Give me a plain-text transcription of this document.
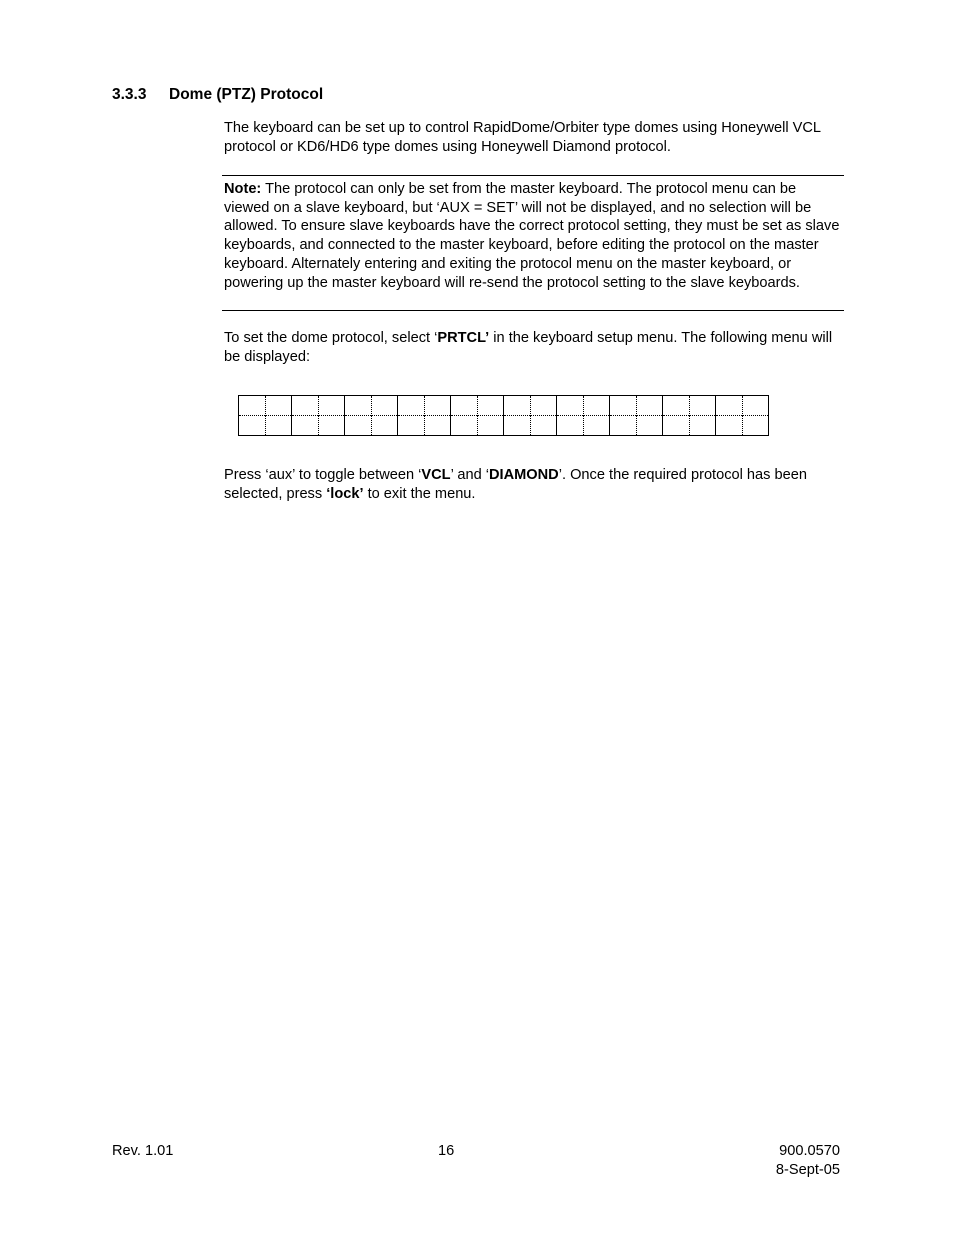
3.3.3 Dome (PTZ) Protocol
The keyboard can be set up to control RapidDome/Orbiter type domes using Honeywell VCL protocol or KD6/HD6 type domes using Honeywell Diamond protocol.
Note: The protocol can only be set from the master keyboard. The protocol menu can be viewed on a slave keyboard, but ‘AUX = SET’ will not be displayed, and no selection will be allowed. To ensure slave keyboards have the correct protocol setting, they must be set as slave keyboards, and connected to the master keyboard, before editing the protocol on the master keyboard. Alternately entering and exiting the protocol menu on the master keyboard, or powering up the master keyboard will re-send the protocol setting to the slave keyboards.
To set the dome protocol, select ‘PRTCL’ in the keyboard setup menu. The following menu will be displayed:

Press ‘aux’ to toggle between ‘VCL’ and ‘DIAMOND’. Once the required protocol has been selected, press ‘lock’ to exit the menu.
Rev. 1.01	16	900.0570
8-Sept-05
